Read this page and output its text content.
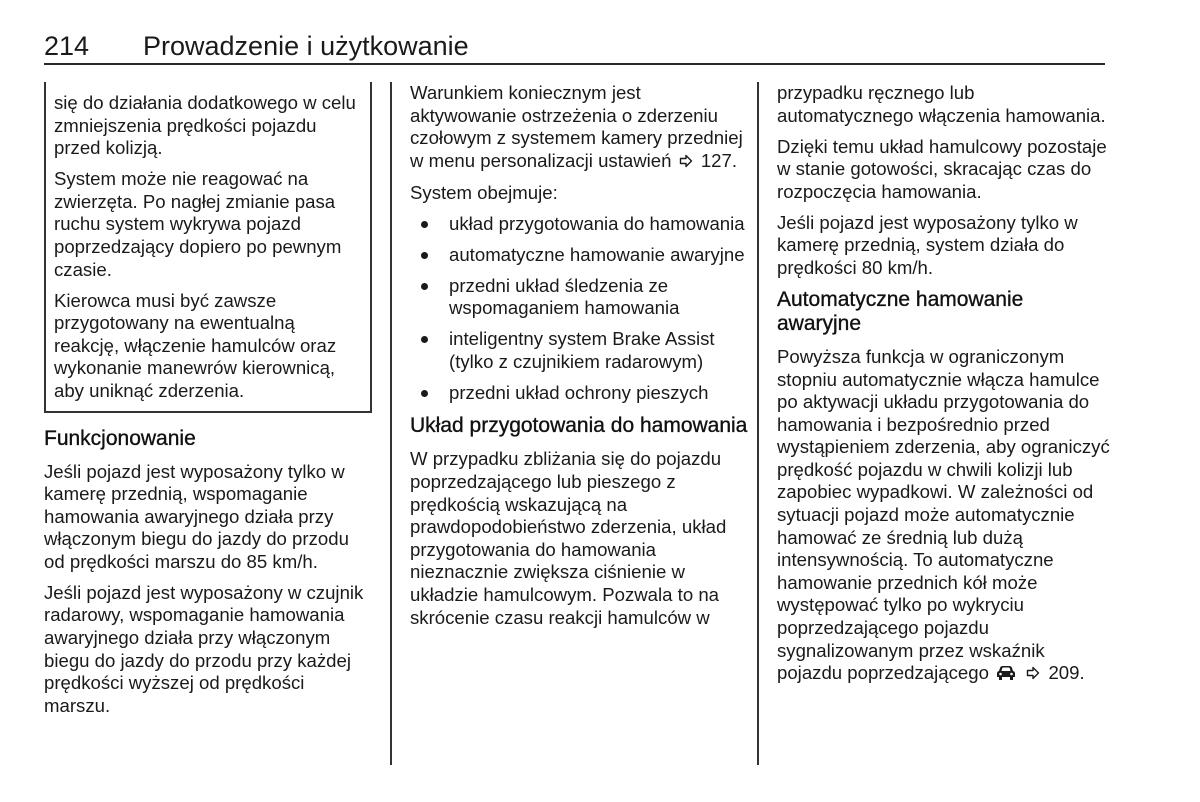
214 Prowadzenie i użytkowanie

się do działania dodatkowego w celu zmniejszenia prędkości pojazdu przed kolizją.

System może nie reagować na zwierzęta. Po nagłej zmianie pasa ruchu system wykrywa pojazd poprzedzający dopiero po pewnym czasie.

Kierowca musi być zawsze przygotowany na ewentualną reakcję, włączenie hamulców oraz wykonanie manewrów kierownicą, aby uniknąć zderzenia.

Funkcjonowanie

Jeśli pojazd jest wyposażony tylko w kamerę przednią, wspomaganie hamowania awaryjnego działa przy włączonym biegu do jazdy do przodu od prędkości marszu do 85 km/h.

Jeśli pojazd jest wyposażony w czujnik radarowy, wspomaganie hamowania awaryjnego działa przy włączonym biegu do jazdy do przodu przy każdej prędkości wyższej od prędkości marszu.

Warunkiem koniecznym jest aktywowanie ostrzeżenia o zderzeniu czołowym z systemem kamery przedniej w menu personalizacji ustawień 127.

System obejmuje:

układ przygotowania do hamowania
automatyczne hamowanie awaryjne
przedni układ śledzenia ze wspomaganiem hamowania
inteligentny system Brake Assist (tylko z czujnikiem radarowym)
przedni układ ochrony pieszych
Układ przygotowania do hamowania

W przypadku zbliżania się do pojazdu poprzedzającego lub pieszego z prędkością wskazującą na prawdopodobieństwo zderzenia, układ przygotowania do hamowania nieznacznie zwiększa ciśnienie w układzie hamulcowym. Pozwala to na skrócenie czasu reakcji hamulców w

przypadku ręcznego lub automatycznego włączenia hamowania.

Dzięki temu układ hamulcowy pozostaje w stanie gotowości, skracając czas do rozpoczęcia hamowania.

Jeśli pojazd jest wyposażony tylko w kamerę przednią, system działa do prędkości 80 km/h.

Automatyczne hamowanie awaryjne

Powyższa funkcja w ograniczonym stopniu automatycznie włącza hamulce po aktywacji układu przygotowania do hamowania i bezpośrednio przed wystąpieniem zderzenia, aby ograniczyć prędkość pojazdu w chwili kolizji lub zapobiec wypadkowi. W zależności od sytuacji pojazd może automatycznie hamować ze średnią lub dużą intensywnością. To automatyczne hamowanie przednich kół może występować tylko po wykryciu poprzedzającego pojazdu sygnalizowanym przez wskaźnik pojazdu poprzedzającego	209.
